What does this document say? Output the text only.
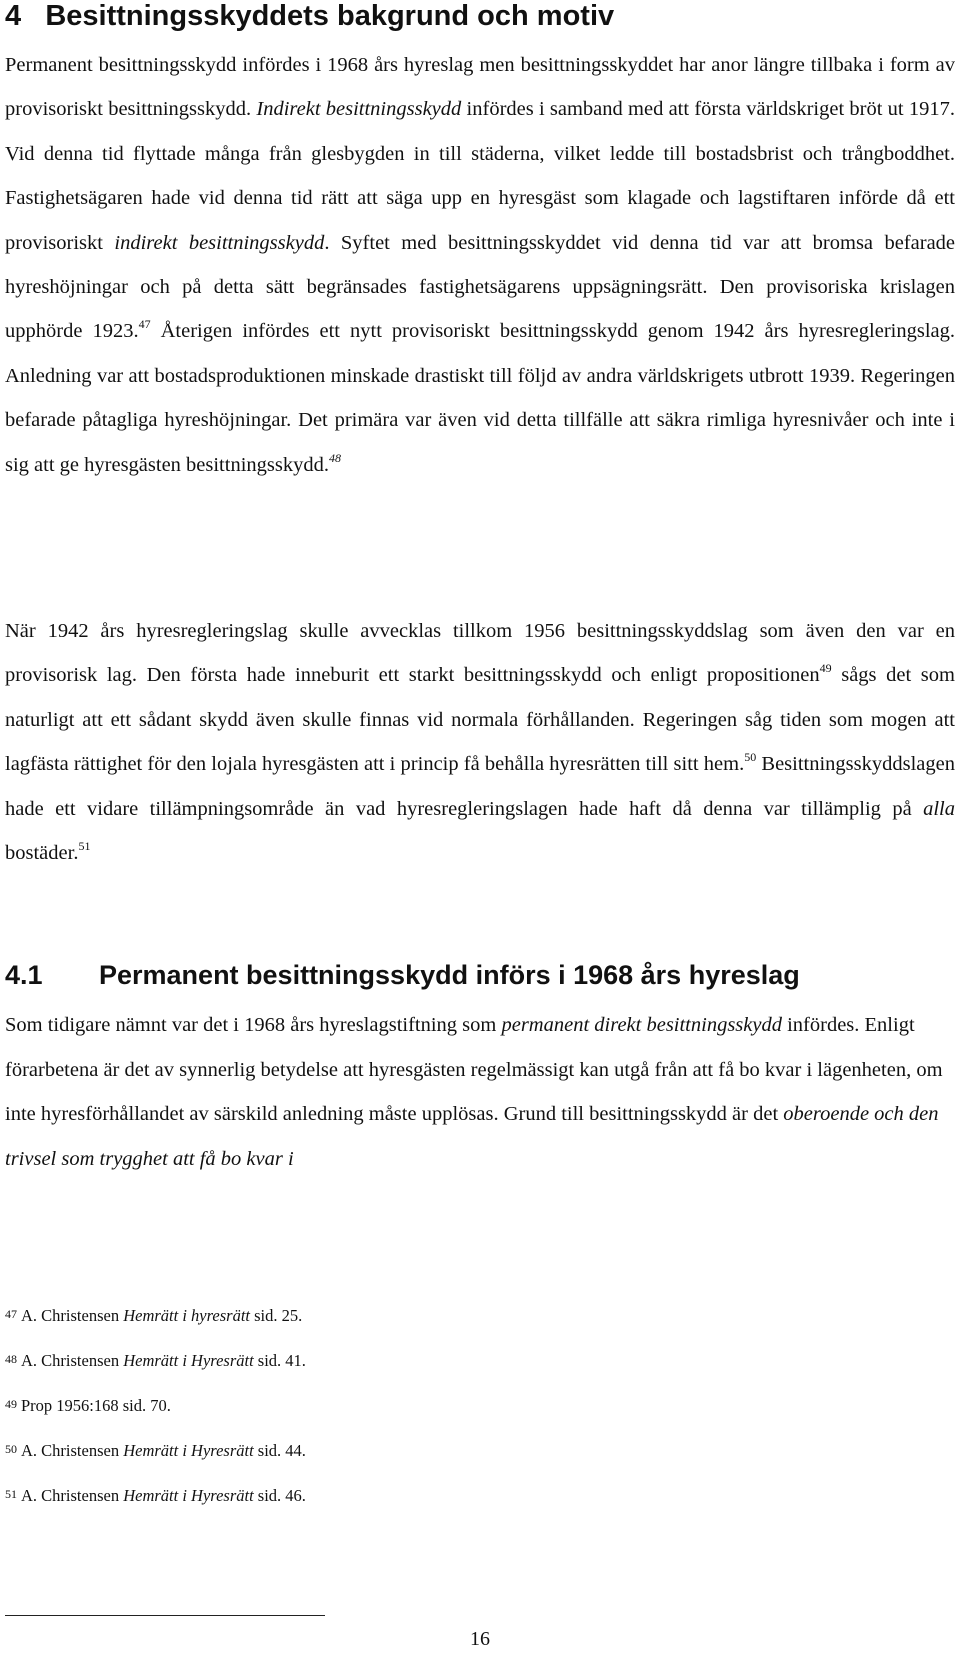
4 Besittningsskyddets bakgrund och motiv

Permanent besittningsskydd infördes i 1968 års hyreslag men besittningsskyddet har anor längre tillbaka i form av provisoriskt besittningsskydd. Indirekt besittningsskydd infördes i samband med att första världskriget bröt ut 1917. Vid denna tid flyttade många från glesbygden in till städerna, vilket ledde till bostadsbrist och trångboddhet. Fastighetsägaren hade vid denna tid rätt att säga upp en hyresgäst som klagade och lagstiftaren införde då ett provisoriskt indirekt besittningsskydd. Syftet med besittningsskyddet vid denna tid var att bromsa befarade hyreshöjningar och på detta sätt begränsades fastighetsägarens uppsägningsrätt. Den provisoriska krislagen upphörde 1923.47 Återigen infördes ett nytt provisoriskt besittningsskydd genom 1942 års hyresregleringslag. Anledning var att bostadsproduktionen minskade drastiskt till följd av andra världskrigets utbrott 1939. Regeringen befarade påtagliga hyreshöjningar. Det primära var även vid detta tillfälle att säkra rimliga hyresnivåer och inte i sig att ge hyresgästen besittningsskydd.$^{48}$

När 1942 års hyresregleringslag skulle avvecklas tillkom 1956 besittningsskyddslag som även den var en provisorisk lag. Den första hade inneburit ett starkt besittningsskydd och enligt propositionen$^{49}$ sågs det som naturligt att ett sådant skydd även skulle finnas vid normala förhållanden. Regeringen såg tiden som mogen att lagfästa rättighet för den lojala hyresgästen att i princip få behålla hyresrätten till sitt hem.$^{50}$ Besittningsskyddslagen hade ett vidare tillämpningsområde än vad hyresregleringslagen hade haft då denna var tillämplig på alla bostäder.$^{51}$

4.1 Permanent besittningsskydd införs i 1968 års hyreslag

Som tidigare nämnt var det i 1968 års hyreslagstiftning som permanent direkt besittningsskydd infördes. Enligt förarbetena är det av synnerlig betydelse att hyresgästen regelmässigt kan utgå från att få bo kvar i lägenheten, om inte hyresförhållandet av särskild anledning måste upplösas. Grund till besittningsskydd är det oberoende och den trivsel som trygghet att få bo kvar i

47 A. Christensen Hemrätt i hyresrätt sid. 25.

48 A. Christensen Hemrätt i Hyresrätt sid. 41.

49 Prop 1956:168 sid. 70.

50 A. Christensen Hemrätt i Hyresrätt sid. 44.

51 A. Christensen Hemrätt i Hyresrätt sid. 46.

16
